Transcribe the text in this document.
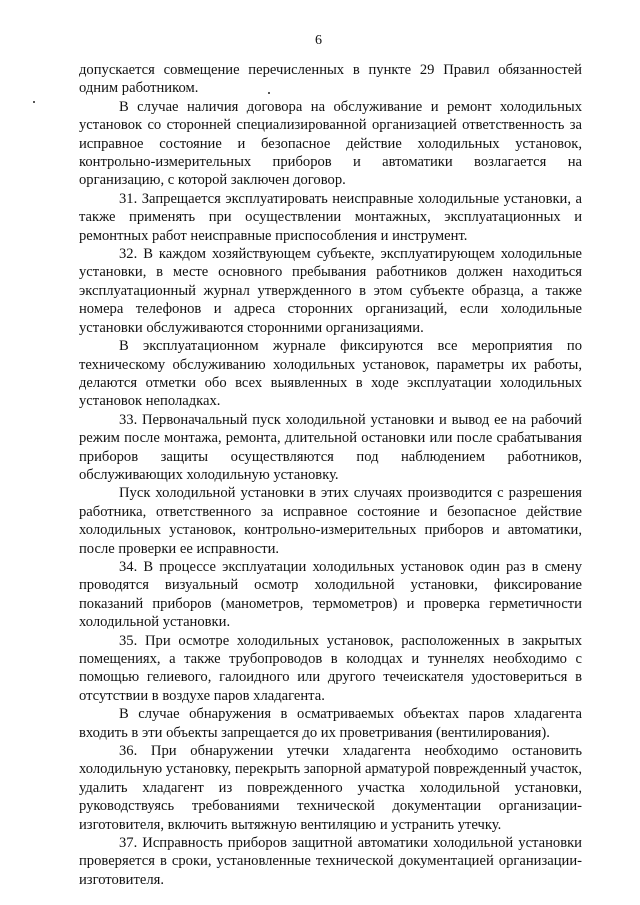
6

допускается совмещение перечисленных в пункте 29 Правил обязанностей одним работником.

В случае наличия договора на обслуживание и ремонт холодильных установок со сторонней специализированной организацией ответственность за исправное состояние и безопасное действие холодильных установок, контрольно-измерительных приборов и автоматики возлагается на организацию, с которой заключен договор.

31. Запрещается эксплуатировать неисправные холодильные установки, а также применять при осуществлении монтажных, эксплуатационных и ремонтных работ неисправные приспособления и инструмент.

32. В каждом хозяйствующем субъекте, эксплуатирующем холодильные установки, в месте основного пребывания работников должен находиться эксплуатационный журнал утвержденного в этом субъекте образца, а также номера телефонов и адреса сторонних организаций, если холодильные установки обслуживаются сторонними организациями.

В эксплуатационном журнале фиксируются все мероприятия по техническому обслуживанию холодильных установок, параметры их работы, делаются отметки обо всех выявленных в ходе эксплуатации холодильных установок неполадках.

33. Первоначальный пуск холодильной установки и вывод ее на рабочий режим после монтажа, ремонта, длительной остановки или после срабатывания приборов защиты осуществляются под наблюдением работников, обслуживающих холодильную установку.

Пуск холодильной установки в этих случаях производится с разрешения работника, ответственного за исправное состояние и безопасное действие холодильных установок, контрольно-измерительных приборов и автоматики, после проверки ее исправности.

34. В процессе эксплуатации холодильных установок один раз в смену проводятся визуальный осмотр холодильной установки, фиксирование показаний приборов (манометров, термометров) и проверка герметичности холодильной установки.

35. При осмотре холодильных установок, расположенных в закрытых помещениях, а также трубопроводов в колодцах и туннелях необходимо с помощью гелиевого, галоидного или другого течеискателя удостовериться в отсутствии в воздухе паров хладагента.

В случае обнаружения в осматриваемых объектах паров хладагента входить в эти объекты запрещается до их проветривания (вентилирования).

36. При обнаружении утечки хладагента необходимо остановить холодильную установку, перекрыть запорной арматурой поврежденный участок, удалить хладагент из поврежденного участка холодильной установки, руководствуясь требованиями технической документации организации-изготовителя, включить вытяжную вентиляцию и устранить утечку.

37. Исправность приборов защитной автоматики холодильной установки проверяется в сроки, установленные технической документацией организации-изготовителя.
